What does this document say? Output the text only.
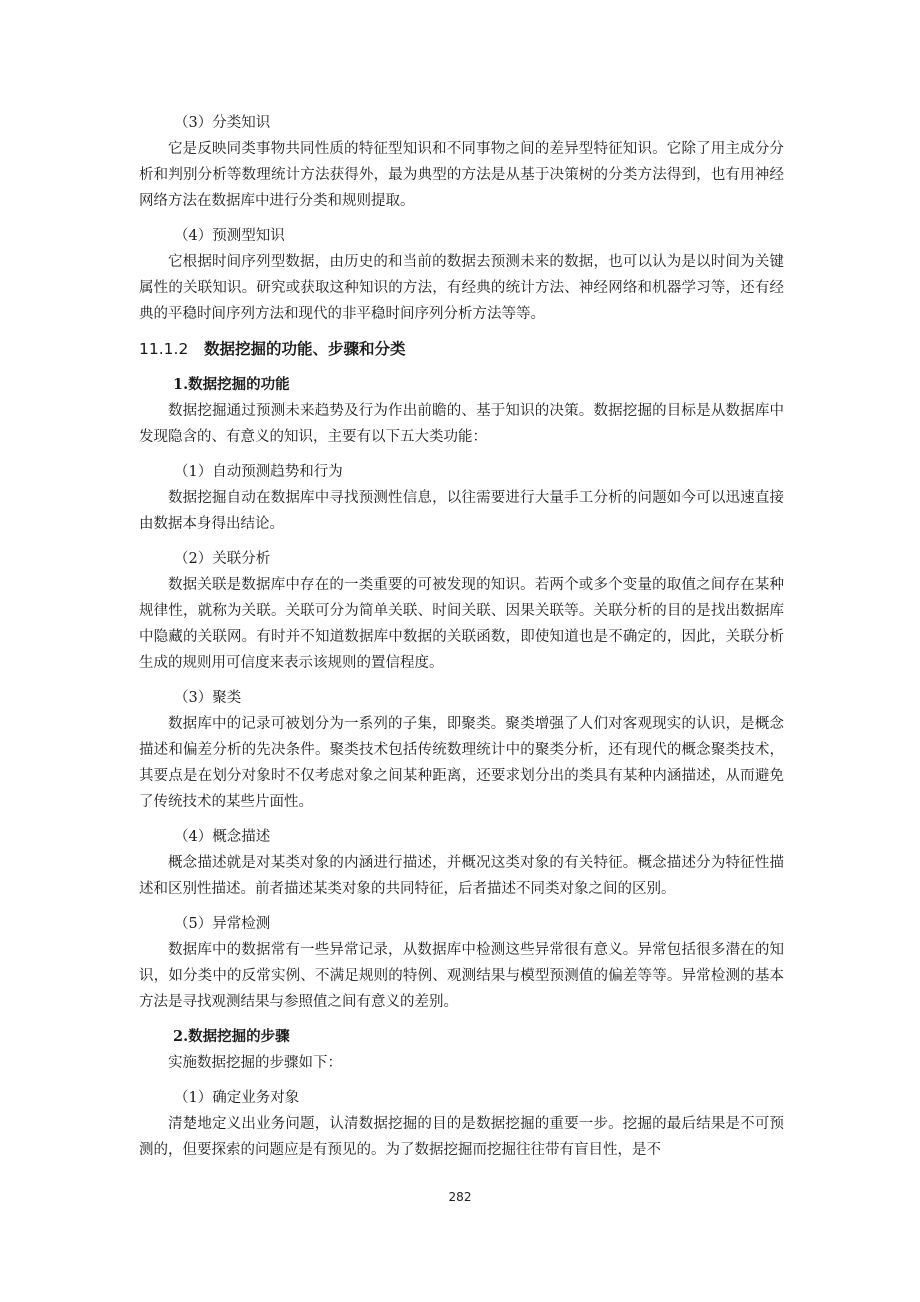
（3）分类知识

它是反映同类事物共同性质的特征型知识和不同事物之间的差异型特征知识。它除了用主成分分析和判别分析等数理统计方法获得外，最为典型的方法是从基于决策树的分类方法得到，也有用神经网络方法在数据库中进行分类和规则提取。

（4）预测型知识

它根据时间序列型数据，由历史的和当前的数据去预测未来的数据，也可以认为是以时间为关键属性的关联知识。研究或获取这种知识的方法，有经典的统计方法、神经网络和机器学习等，还有经典的平稳时间序列方法和现代的非平稳时间序列分析方法等等。

11.1.2 数据挖掘的功能、步骤和分类

1.数据挖掘的功能

数据挖掘通过预测未来趋势及行为作出前瞻的、基于知识的决策。数据挖掘的目标是从数据库中发现隐含的、有意义的知识，主要有以下五大类功能：

（1）自动预测趋势和行为

数据挖掘自动在数据库中寻找预测性信息，以往需要进行大量手工分析的问题如今可以迅速直接由数据本身得出结论。

（2）关联分析

数据关联是数据库中存在的一类重要的可被发现的知识。若两个或多个变量的取值之间存在某种规律性，就称为关联。关联可分为简单关联、时间关联、因果关联等。关联分析的目的是找出数据库中隐藏的关联网。有时并不知道数据库中数据的关联函数，即使知道也是不确定的，因此，关联分析生成的规则用可信度来表示该规则的置信程度。

（3）聚类

数据库中的记录可被划分为一系列的子集，即聚类。聚类增强了人们对客观现实的认识，是概念描述和偏差分析的先决条件。聚类技术包括传统数理统计中的聚类分析，还有现代的概念聚类技术，其要点是在划分对象时不仅考虑对象之间某种距离，还要求划分出的类具有某种内涵描述，从而避免了传统技术的某些片面性。

（4）概念描述

概念描述就是对某类对象的内涵进行描述，并概况这类对象的有关特征。概念描述分为特征性描述和区别性描述。前者描述某类对象的共同特征，后者描述不同类对象之间的区别。

（5）异常检测

数据库中的数据常有一些异常记录，从数据库中检测这些异常很有意义。异常包括很多潜在的知识，如分类中的反常实例、不满足规则的特例、观测结果与模型预测值的偏差等等。异常检测的基本方法是寻找观测结果与参照值之间有意义的差别。

2.数据挖掘的步骤

实施数据挖掘的步骤如下：

（1）确定业务对象

清楚地定义出业务问题，认清数据挖掘的目的是数据挖掘的重要一步。挖掘的最后结果是不可预测的，但要探索的问题应是有预见的。为了数据挖掘而挖掘往往带有盲目性，是不

282
